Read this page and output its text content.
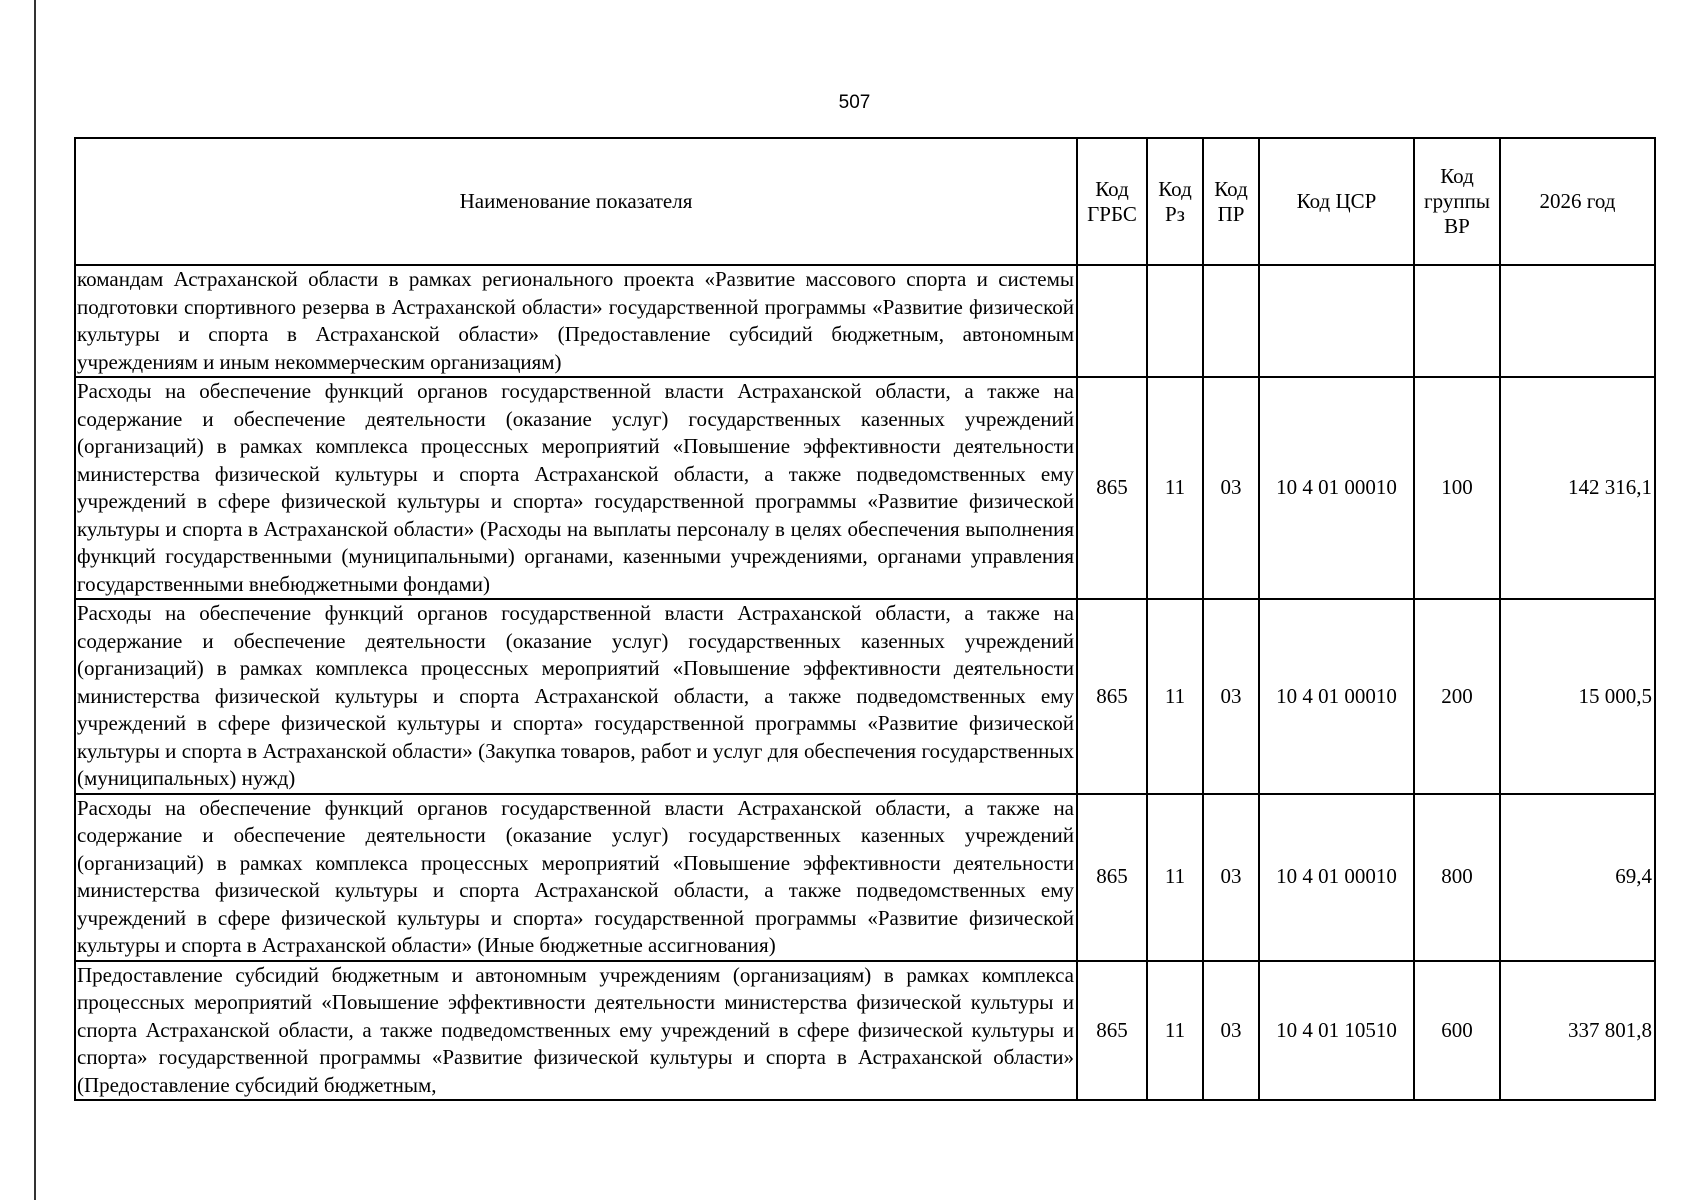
507
Наименование показателя	Код ГРБС	Код Рз	Код ПР	Код ЦСР	Код группы ВР	2026 год
командам Астраханской области в рамках регионального проекта «Развитие массового спорта и системы подготовки спортивного резерва в Астраханской области» государственной программы «Развитие физической культуры и спорта в Астраханской области» (Предоставление субсидий бюджетным, автономным учреждениям и иным некоммерческим организациям)						
Расходы на обеспечение функций органов государственной власти Астраханской области, а также на содержание и обеспечение деятельности (оказание услуг) государственных казенных учреждений (организаций) в рамках комплекса процессных мероприятий «Повышение эффективности деятельности министерства физической культуры и спорта Астраханской области, а также подведомственных ему учреждений в сфере физической культуры и спорта» государственной программы «Развитие физической культуры и спорта в Астраханской области» (Расходы на выплаты персоналу в целях обеспечения выполнения функций государственными (муниципальными) органами, казенными учреждениями, органами управления государственными внебюджетными фондами)	865	11	03	10 4 01 00010	100	142 316,1
Расходы на обеспечение функций органов государственной власти Астраханской области, а также на содержание и обеспечение деятельности (оказание услуг) государственных казенных учреждений (организаций) в рамках комплекса процессных мероприятий «Повышение эффективности деятельности министерства физической культуры и спорта Астраханской области, а также подведомственных ему учреждений в сфере физической культуры и спорта» государственной программы «Развитие физической культуры и спорта в Астраханской области» (Закупка товаров, работ и услуг для обеспечения государственных (муниципальных) нужд)	865	11	03	10 4 01 00010	200	15 000,5
Расходы на обеспечение функций органов государственной власти Астраханской области, а также на содержание и обеспечение деятельности (оказание услуг) государственных казенных учреждений (организаций) в рамках комплекса процессных мероприятий «Повышение эффективности деятельности министерства физической культуры и спорта Астраханской области, а также подведомственных ему учреждений в сфере физической культуры и спорта» государственной программы «Развитие физической культуры и спорта в Астраханской области» (Иные бюджетные ассигнования)	865	11	03	10 4 01 00010	800	69,4
Предоставление субсидий бюджетным и автономным учреждениям (организациям) в рамках комплекса процессных мероприятий «Повышение эффективности деятельности министерства физической культуры и спорта Астраханской области, а также подведомственных ему учреждений в сфере физической культуры и спорта» государственной программы «Развитие физической культуры и спорта в Астраханской области» (Предоставление субсидий бюджетным,	865	11	03	10 4 01 10510	600	337 801,8
